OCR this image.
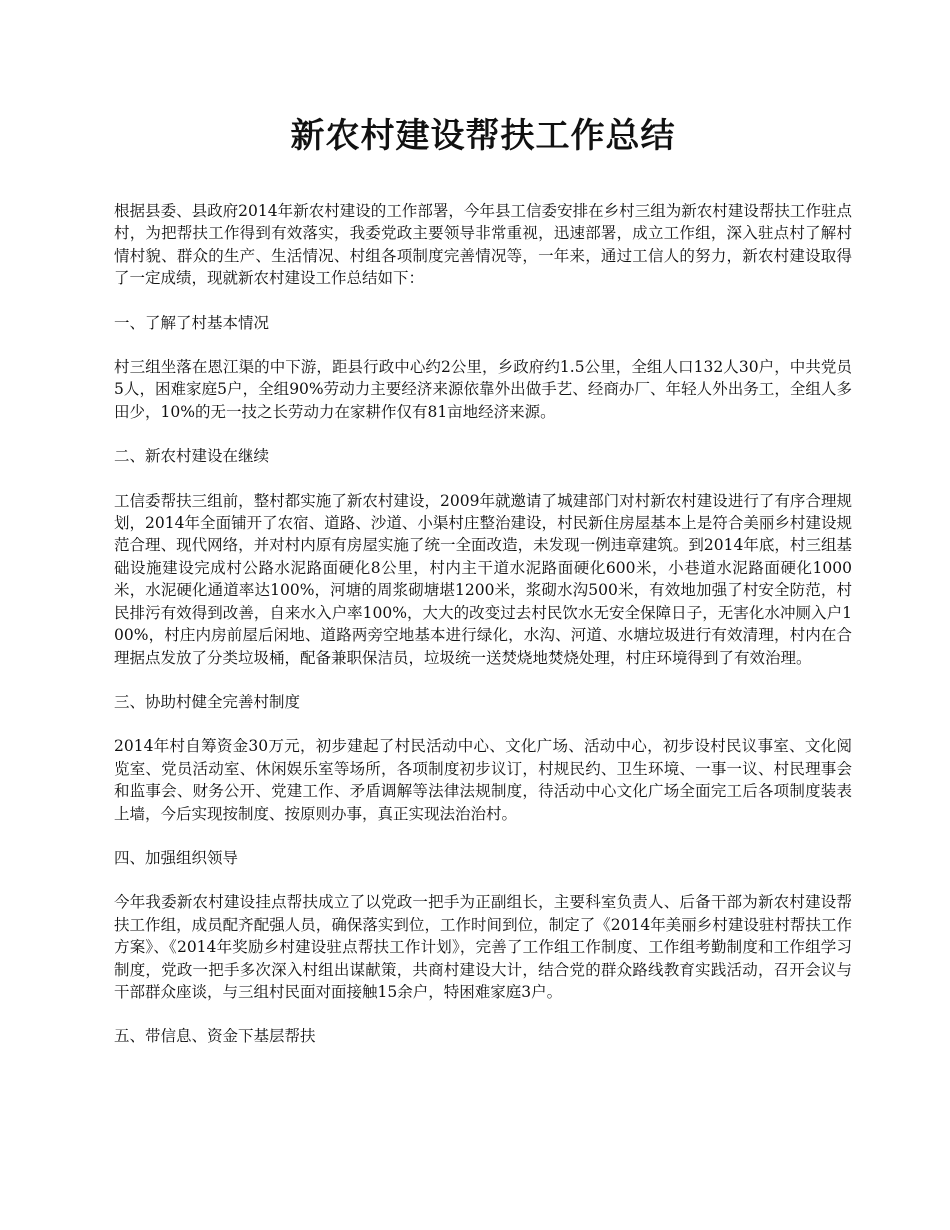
新农村建设帮扶工作总结

根据县委、县政府2014年新农村建设的工作部署，今年县工信委安排在乡村三组为新农村建设帮扶工作驻点村，为把帮扶工作得到有效落实，我委党政主要领导非常重视，迅速部署，成立工作组，深入驻点村了解村情村貌、群众的生产、生活情况、村组各项制度完善情况等，一年来，通过工信人的努力，新农村建设取得了一定成绩，现就新农村建设工作总结如下：

一、了解了村基本情况

村三组坐落在恩江渠的中下游，距县行政中心约2公里，乡政府约1.5公里，全组人口132人30户，中共党员5人，困难家庭5户，全组90%劳动力主要经济来源依靠外出做手艺、经商办厂、年轻人外出务工，全组人多田少，10%的无一技之长劳动力在家耕作仅有81亩地经济来源。

二、新农村建设在继续

工信委帮扶三组前，整村都实施了新农村建设，2009年就邀请了城建部门对村新农村建设进行了有序合理规划，2014年全面铺开了农宿、道路、沙道、小渠村庄整治建设，村民新住房屋基本上是符合美丽乡村建设规范合理、现代网络，并对村内原有房屋实施了统一全面改造，未发现一例违章建筑。到2014年底，村三组基础设施建设完成村公路水泥路面硬化8公里，村内主干道水泥路面硬化600米，小巷道水泥路面硬化1000米，水泥硬化通道率达100%，河塘的周浆砌塘堪1200米，浆砌水沟500米，有效地加强了村安全防范，村民排污有效得到改善，自来水入户率100%，大大的改变过去村民饮水无安全保障日子，无害化水冲厕入户100%，村庄内房前屋后闲地、道路两旁空地基本进行绿化，水沟、河道、水塘垃圾进行有效清理，村内在合理据点发放了分类垃圾桶，配备兼职保洁员，垃圾统一送焚烧地焚烧处理，村庄环境得到了有效治理。

三、协助村健全完善村制度

2014年村自筹资金30万元，初步建起了村民活动中心、文化广场、活动中心，初步设村民议事室、文化阅览室、党员活动室、休闲娱乐室等场所，各项制度初步议订，村规民约、卫生环境、一事一议、村民理事会和监事会、财务公开、党建工作、矛盾调解等法律法规制度，待活动中心文化广场全面完工后各项制度装表上墙，今后实现按制度、按原则办事，真正实现法治治村。

四、加强组织领导

今年我委新农村建设挂点帮扶成立了以党政一把手为正副组长，主要科室负责人、后备干部为新农村建设帮扶工作组，成员配齐配强人员，确保落实到位，工作时间到位，制定了《2014年美丽乡村建设驻村帮扶工作方案》、《2014年奖励乡村建设驻点帮扶工作计划》，完善了工作组工作制度、工作组考勤制度和工作组学习制度，党政一把手多次深入村组出谋献策，共商村建设大计，结合党的群众路线教育实践活动，召开会议与干部群众座谈，与三组村民面对面接触15余户，特困难家庭3户。

五、带信息、资金下基层帮扶
